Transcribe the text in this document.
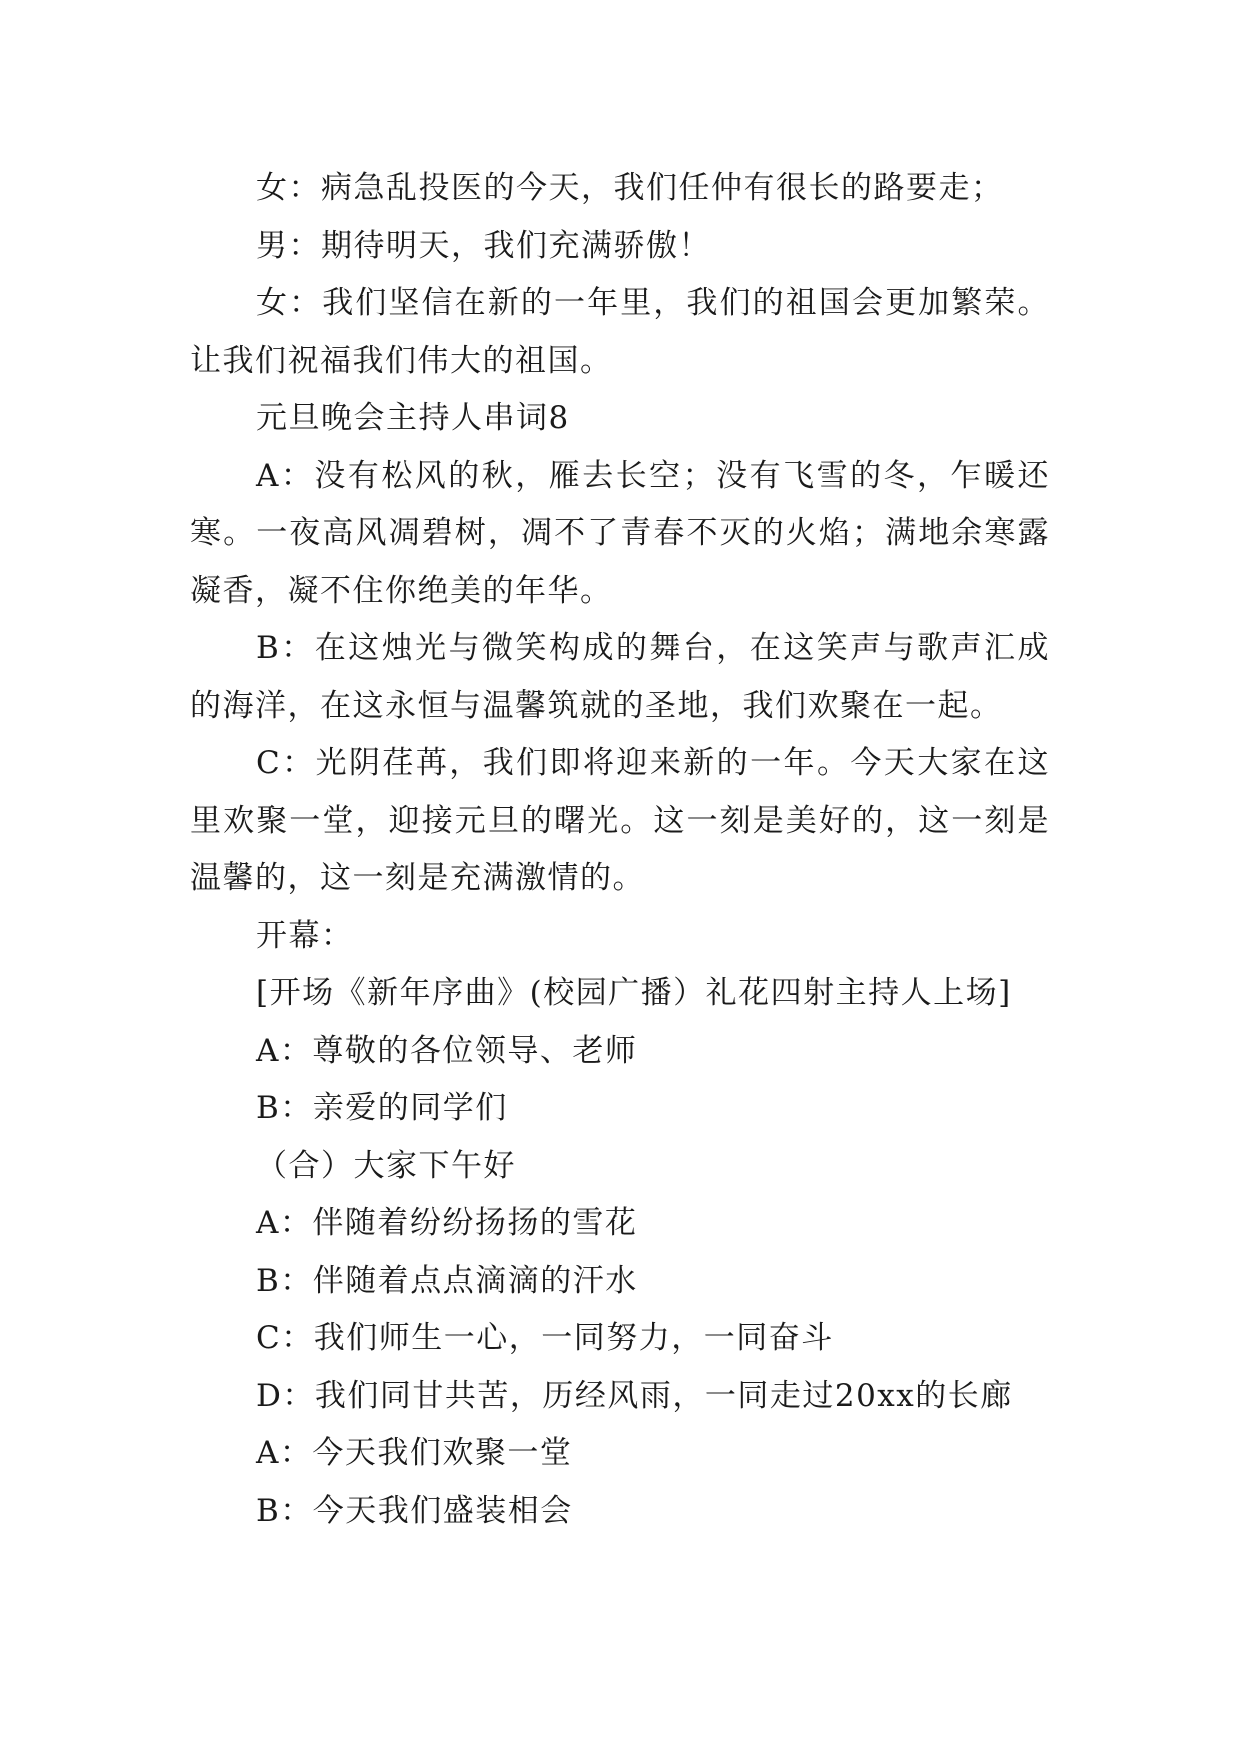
女：病急乱投医的今天，我们任仲有很长的路要走；

男：期待明天，我们充满骄傲！

女：我们坚信在新的一年里，我们的祖国会更加繁荣。让我们祝福我们伟大的祖国。

元旦晚会主持人串词8

A：没有松风的秋，雁去长空；没有飞雪的冬，乍暖还寒。一夜高风凋碧树，凋不了青春不灭的火焰；满地余寒露凝香，凝不住你绝美的年华。

B：在这烛光与微笑构成的舞台，在这笑声与歌声汇成的海洋，在这永恒与温馨筑就的圣地，我们欢聚在一起。

C：光阴荏苒，我们即将迎来新的一年。今天大家在这里欢聚一堂，迎接元旦的曙光。这一刻是美好的，这一刻是温馨的，这一刻是充满激情的。

开幕：

[开场《新年序曲》(校园广播）礼花四射主持人上场]

A：尊敬的各位领导、老师

B：亲爱的同学们

（合）大家下午好

A：伴随着纷纷扬扬的雪花

B：伴随着点点滴滴的汗水

C：我们师生一心，一同努力，一同奋斗

D：我们同甘共苦，历经风雨，一同走过20xx的长廊

A：今天我们欢聚一堂

B：今天我们盛装相会
